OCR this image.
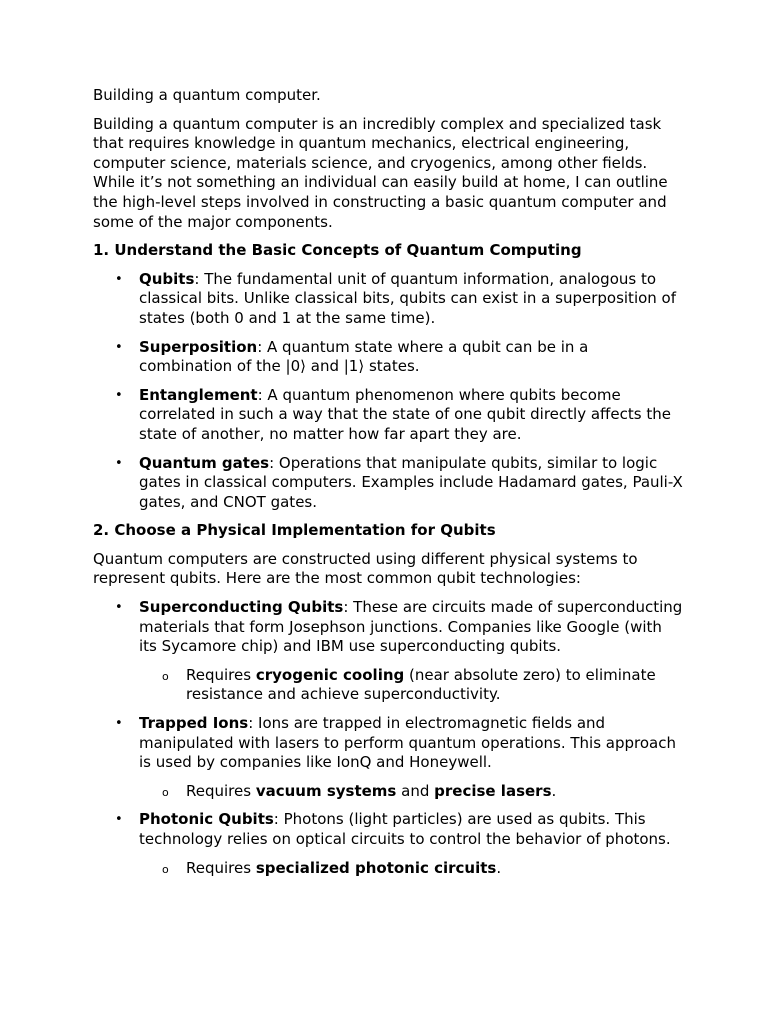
Building a quantum computer.

Building a quantum computer is an incredibly complex and specialized task that requires knowledge in quantum mechanics, electrical engineering, computer science, materials science, and cryogenics, among other fields. While it’s not something an individual can easily build at home, I can outline the high-level steps involved in constructing a basic quantum computer and some of the major components.

1. Understand the Basic Concepts of Quantum Computing

• Qubits: The fundamental unit of quantum information, analogous to classical bits. Unlike classical bits, qubits can exist in a superposition of states (both 0 and 1 at the same time).
• Superposition: A quantum state where a qubit can be in a combination of the |0⟩ and |1⟩ states.
• Entanglement: A quantum phenomenon where qubits become correlated in such a way that the state of one qubit directly affects the state of another, no matter how far apart they are.
• Quantum gates: Operations that manipulate qubits, similar to logic gates in classical computers. Examples include Hadamard gates, Pauli-X gates, and CNOT gates.

2. Choose a Physical Implementation for Qubits

Quantum computers are constructed using different physical systems to represent qubits. Here are the most common qubit technologies:

• Superconducting Qubits: These are circuits made of superconducting materials that form Josephson junctions. Companies like Google (with its Sycamore chip) and IBM use superconducting qubits.
o Requires cryogenic cooling (near absolute zero) to eliminate resistance and achieve superconductivity.
• Trapped Ions: Ions are trapped in electromagnetic fields and manipulated with lasers to perform quantum operations. This approach is used by companies like IonQ and Honeywell.
o Requires vacuum systems and precise lasers.
• Photonic Qubits: Photons (light particles) are used as qubits. This technology relies on optical circuits to control the behavior of photons.
o Requires specialized photonic circuits.
